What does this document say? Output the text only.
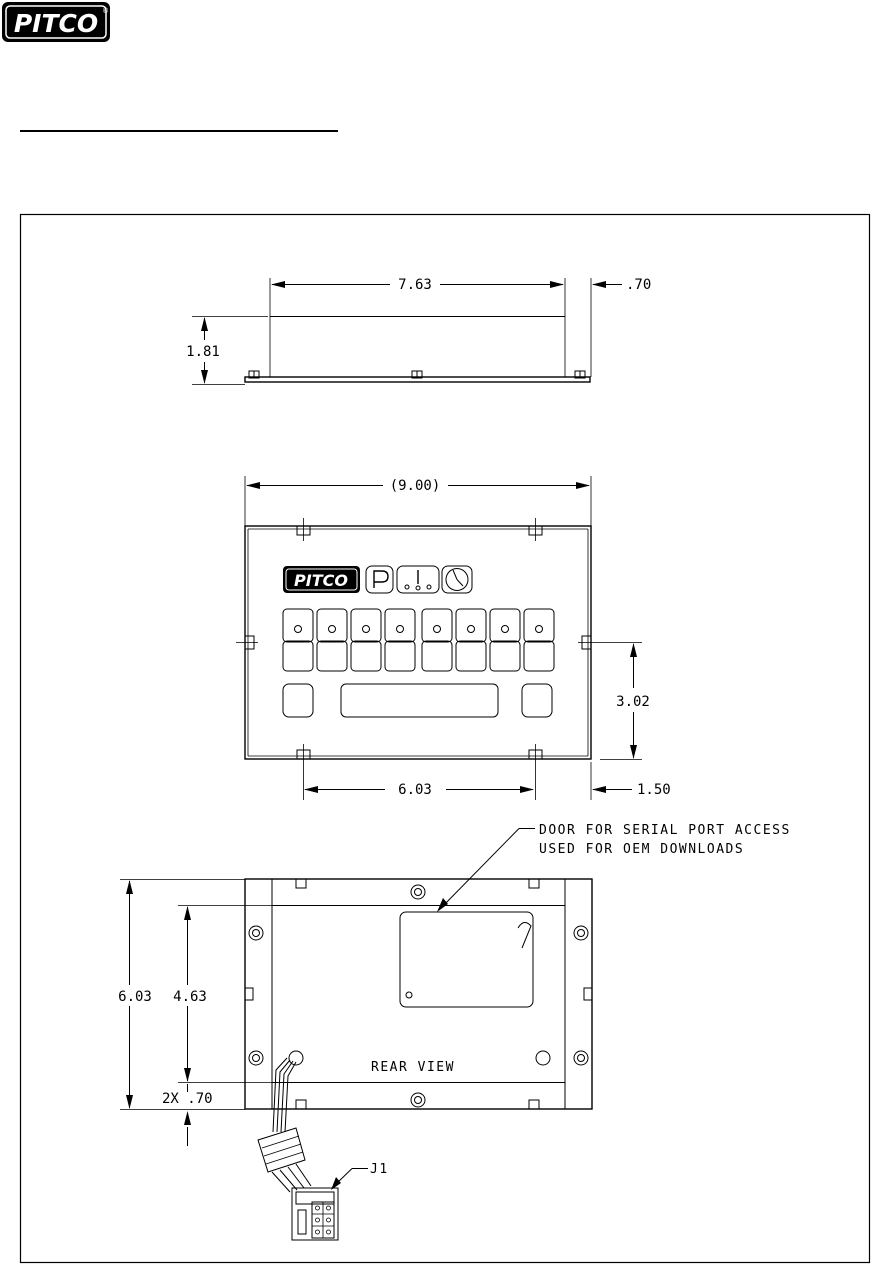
PITCO ®
7.63	.70
1.81
(9.00)
PITCO
3.02
6.03	1.50
DOOR FOR SERIAL PORT ACCESS
USED FOR OEM DOWNLOADS
REAR VIEW
6.03 4.63
2X .70
J1
